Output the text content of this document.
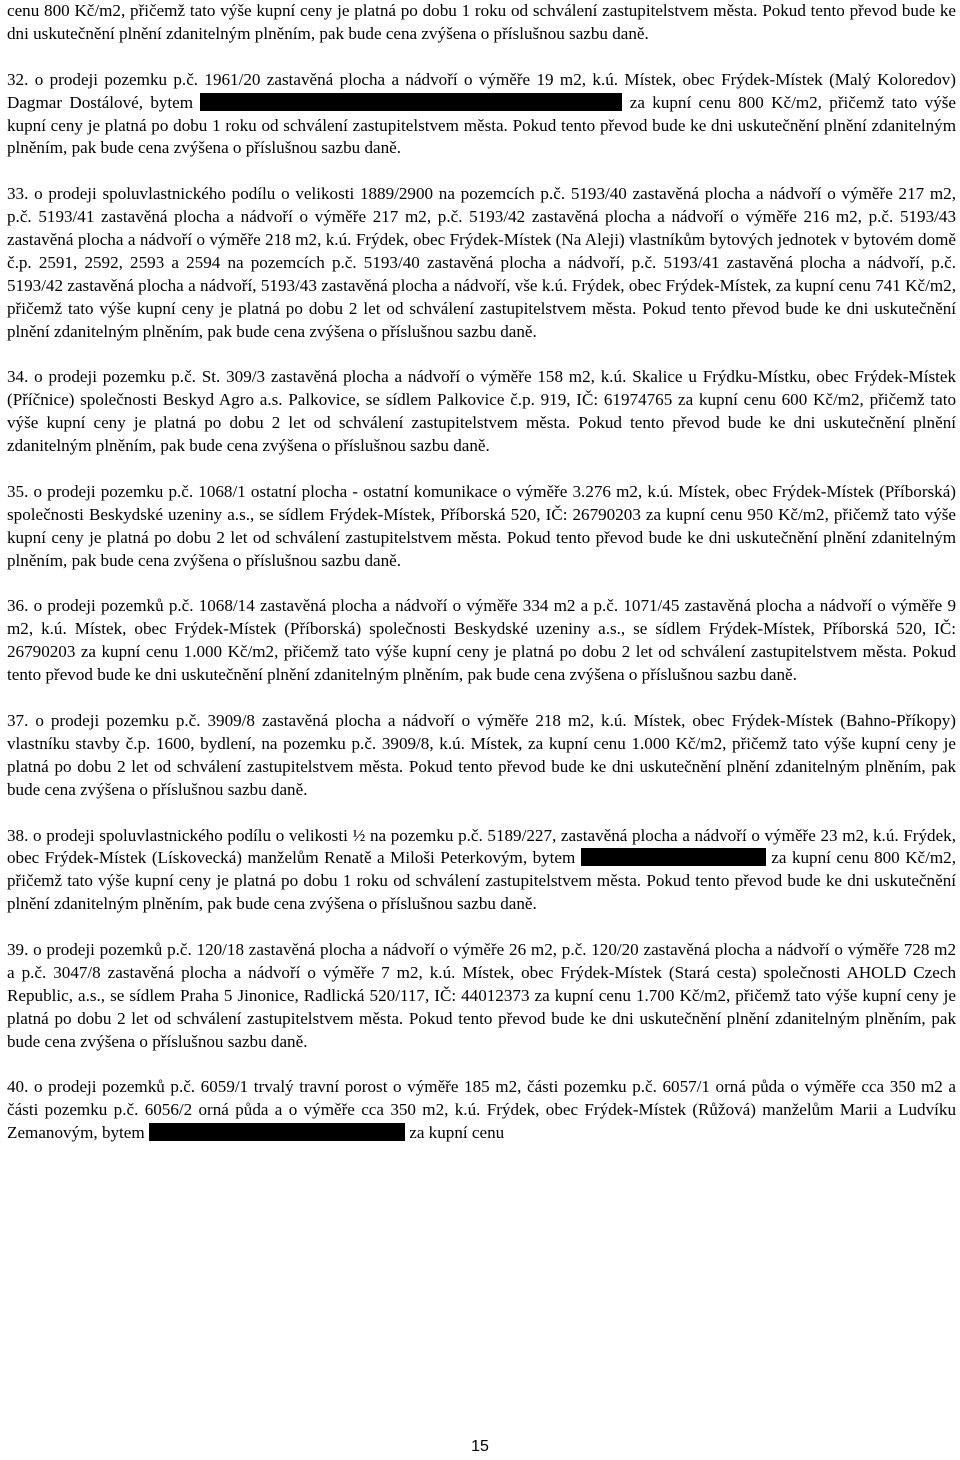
cenu 800 Kč/m2, přičemž tato výše kupní ceny je platná po dobu 1 roku od schválení zastupitelstvem města. Pokud tento převod bude ke dni uskutečnění plnění zdanitelným plněním, pak bude cena zvýšena o příslušnou sazbu daně.

32. o prodeji pozemku p.č. 1961/20 zastavěná plocha a nádvoří o výměře 19 m2, k.ú. Místek, obec Frýdek-Místek (Malý Koloredov) Dagmar Dostálové, bytem	za kupní cenu 800 Kč/m2, přičemž tato výše kupní ceny je platná po dobu 1 roku od schválení zastupitelstvem města. Pokud tento převod bude ke dni uskutečnění plnění zdanitelným plněním, pak bude cena zvýšena o příslušnou sazbu daně.

33. o prodeji spoluvlastnického podílu o velikosti 1889/2900 na pozemcích p.č. 5193/40 zastavěná plocha a nádvoří o výměře 217 m2, p.č. 5193/41 zastavěná plocha a nádvoří o výměře 217 m2, p.č. 5193/42 zastavěná plocha a nádvoří o výměře 216 m2, p.č. 5193/43 zastavěná plocha a nádvoří o výměře 218 m2, k.ú. Frýdek, obec Frýdek-Místek (Na Aleji) vlastníkům bytových jednotek v bytovém domě č.p. 2591, 2592, 2593 a 2594 na pozemcích p.č. 5193/40 zastavěná plocha a nádvoří, p.č. 5193/41 zastavěná plocha a nádvoří, p.č. 5193/42 zastavěná plocha a nádvoří, 5193/43 zastavěná plocha a nádvoří, vše k.ú. Frýdek, obec Frýdek-Místek, za kupní cenu 741 Kč/m2, přičemž tato výše kupní ceny je platná po dobu 2 let od schválení zastupitelstvem města. Pokud tento převod bude ke dni uskutečnění plnění zdanitelným plněním, pak bude cena zvýšena o příslušnou sazbu daně.

34. o prodeji pozemku p.č. St. 309/3 zastavěná plocha a nádvoří o výměře 158 m2, k.ú. Skalice u Frýdku-Místku, obec Frýdek-Místek (Příčnice) společnosti Beskyd Agro a.s. Palkovice, se sídlem Palkovice č.p. 919, IČ: 61974765 za kupní cenu 600 Kč/m2, přičemž tato výše kupní ceny je platná po dobu 2 let od schválení zastupitelstvem města. Pokud tento převod bude ke dni uskutečnění plnění zdanitelným plněním, pak bude cena zvýšena o příslušnou sazbu daně.

35. o prodeji pozemku p.č. 1068/1 ostatní plocha - ostatní komunikace o výměře 3.276 m2, k.ú. Místek, obec Frýdek-Místek (Příborská) společnosti Beskydské uzeniny a.s., se sídlem Frýdek-Místek, Příborská 520, IČ: 26790203 za kupní cenu 950 Kč/m2, přičemž tato výše kupní ceny je platná po dobu 2 let od schválení zastupitelstvem města. Pokud tento převod bude ke dni uskutečnění plnění zdanitelným plněním, pak bude cena zvýšena o příslušnou sazbu daně.

36. o prodeji pozemků p.č. 1068/14 zastavěná plocha a nádvoří o výměře 334 m2 a p.č. 1071/45 zastavěná plocha a nádvoří o výměře 9 m2, k.ú. Místek, obec Frýdek-Místek (Příborská) společnosti Beskydské uzeniny a.s., se sídlem Frýdek-Místek, Příborská 520, IČ: 26790203 za kupní cenu 1.000 Kč/m2, přičemž tato výše kupní ceny je platná po dobu 2 let od schválení zastupitelstvem města. Pokud tento převod bude ke dni uskutečnění plnění zdanitelným plněním, pak bude cena zvýšena o příslušnou sazbu daně.

37. o prodeji pozemku p.č. 3909/8 zastavěná plocha a nádvoří o výměře 218 m2, k.ú. Místek, obec Frýdek-Místek (Bahno-Příkopy) vlastníku stavby č.p. 1600, bydlení, na pozemku p.č. 3909/8, k.ú. Místek, za kupní cenu 1.000 Kč/m2, přičemž tato výše kupní ceny je platná po dobu 2 let od schválení zastupitelstvem města. Pokud tento převod bude ke dni uskutečnění plnění zdanitelným plněním, pak bude cena zvýšena o příslušnou sazbu daně.

38. o prodeji spoluvlastnického podílu o velikosti ½ na pozemku p.č. 5189/227, zastavěná plocha a nádvoří o výměře 23 m2, k.ú. Frýdek, obec Frýdek-Místek (Lískovecká) manželům Renatě a Miloši Peterkovým, bytem	za kupní cenu 800 Kč/m2, přičemž tato výše kupní ceny je platná po dobu 1 roku od schválení zastupitelstvem města. Pokud tento převod bude ke dni uskutečnění plnění zdanitelným plněním, pak bude cena zvýšena o příslušnou sazbu daně.

39. o prodeji pozemků p.č. 120/18 zastavěná plocha a nádvoří o výměře 26 m2, p.č. 120/20 zastavěná plocha a nádvoří o výměře 728 m2 a p.č. 3047/8 zastavěná plocha a nádvoří o výměře 7 m2, k.ú. Místek, obec Frýdek-Místek (Stará cesta) společnosti AHOLD Czech Republic, a.s., se sídlem Praha 5 Jinonice, Radlická 520/117, IČ: 44012373 za kupní cenu 1.700 Kč/m2, přičemž tato výše kupní ceny je platná po dobu 2 let od schválení zastupitelstvem města. Pokud tento převod bude ke dni uskutečnění plnění zdanitelným plněním, pak bude cena zvýšena o příslušnou sazbu daně.

40. o prodeji pozemků p.č. 6059/1 trvalý travní porost o výměře 185 m2, části pozemku p.č. 6057/1 orná půda o výměře cca 350 m2 a části pozemku p.č. 6056/2 orná půda a o výměře cca 350 m2, k.ú. Frýdek, obec Frýdek-Místek (Růžová) manželům Marii a Ludvíku Zemanovým, bytem	za kupní cenu

15
